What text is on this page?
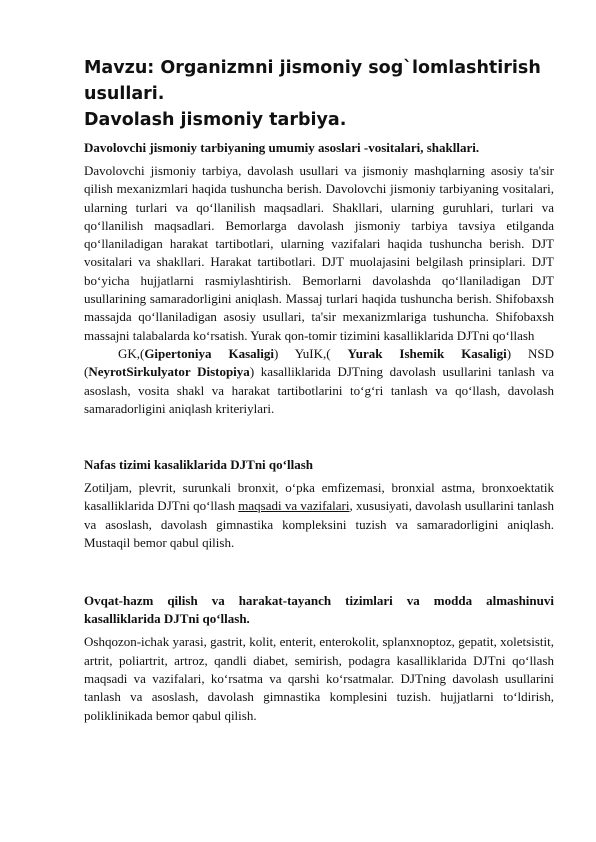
Mavzu: Organizmni jismoniy sog`lomlashtirish usullari.
Davolash jismoniy tarbiya.
Davolovchi jismoniy tarbiyaning umumiy asoslari -vositalari, shakllari.

Davolovchi jismoniy tarbiya, davolash usullari va jismoniy mashqlarning asosiy ta'sir qilish mexanizmlari haqida tushuncha berish. Davolovchi jismoniy tarbiyaning vositalari, ularning turlari va qo‘llanilish maqsadlari. Shakllari, ularning guruhlari, turlari va qo‘llanilish maqsadlari. Bemorlarga davolash jismoniy tarbiya tavsiya etilganda qo‘llaniladigan harakat tartibotlari, ularning vazifalari haqida tushuncha berish. DJT vositalari va shakllari. Harakat tartibotlari. DJT muolajasini belgilash prinsiplari. DJT bo‘yicha hujjatlarni rasmiylashtirish. Bemorlarni davolashda qo‘llaniladigan DJT usullarining samaradorligini aniqlash. Massaj turlari haqida tushuncha berish. Shifobaxsh massajda qo‘llaniladigan asosiy usullari, ta'sir mexanizmlariga tushuncha. Shifobaxsh massajni talabalarda ko‘rsatish. Yurak qon-tomir tizimini kasalliklarida DJTni qo‘llash

GK,(Gipertoniya Kasaligi) YuIK,( Yurak Ishemik Kasaligi) NSD (NeyrotSirkulyator Distopiya) kasalliklarida DJTning davolash usullarini tanlash va asoslash, vosita shakl va harakat tartibotlarini to‘g‘ri tanlash va qo‘llash, davolash samaradorligini aniqlash kriteriylari.

Nafas tizimi kasaliklarida DJTni qo‘llash

Zotiljam, plevrit, surunkali bronxit, o‘pka emfizemasi, bronxial astma, bronxoektatik kasalliklarida DJTni qo‘llash maqsadi va vazifalari, xususiyati, davolash usullarini tanlash va asoslash, davolash gimnastika kompleksini tuzish va samaradorligini aniqlash. Mustaqil bemor qabul qilish.

Ovqat-hazm qilish va harakat-tayanch tizimlari va modda almashinuvi kasalliklarida DJTni qo‘llash.

Oshqozon-ichak yarasi, gastrit, kolit, enterit, enterokolit, splanxnoptoz, gepatit, xoletsistit, artrit, poliartrit, artroz, qandli diabet, semirish, podagra kasalliklarida DJTni qo‘llash maqsadi va vazifalari, ko‘rsatma va qarshi ko‘rsatmalar. DJTning davolash usullarini tanlash va asoslash, davolash gimnastika komplesini tuzish. hujjatlarni to‘ldirish, poliklinikada bemor qabul qilish.
